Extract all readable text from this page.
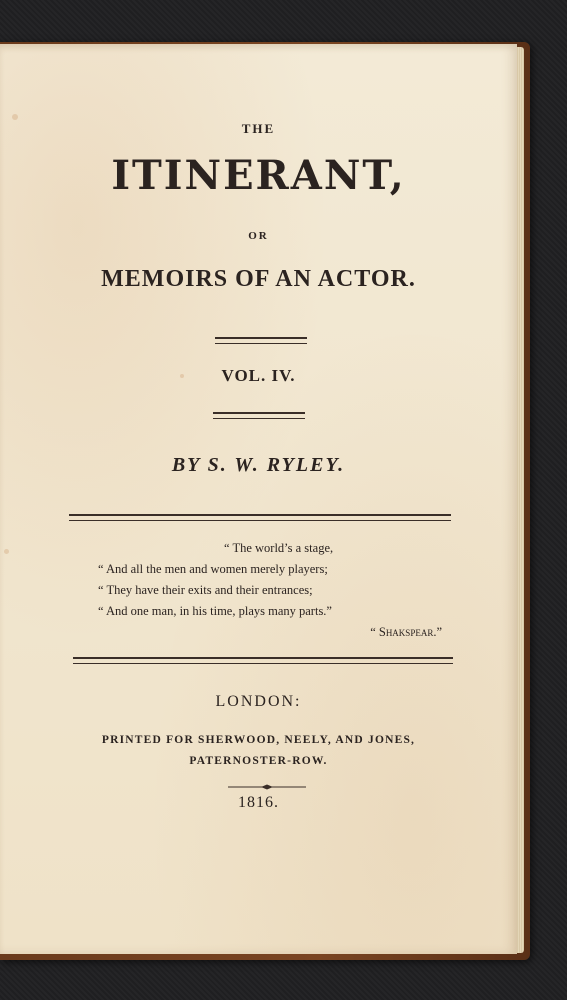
THE

ITINERANT,

OR

MEMOIRS OF AN ACTOR.

VOL. IV.

BY S. W. RYLEY.

“ The world’s a stage,
“ And all the men and women merely players;
“ They have their exits and their entrances;
“ And one man, in his time, plays many parts.”
“ Shakspear.”

LONDON:

PRINTED FOR SHERWOOD, NEELY, AND JONES,

PATERNOSTER-ROW.

1816.
